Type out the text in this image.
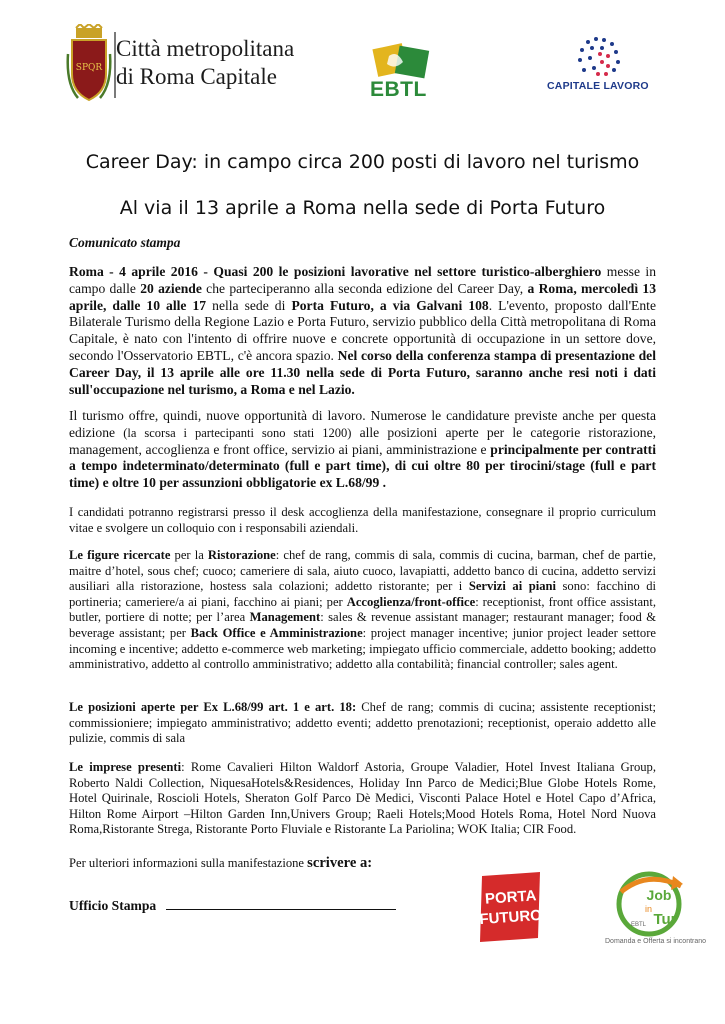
SPQR
Città metropolitana
di Roma Capitale
EBTL	CAPITALE LAVORO
Career Day: in campo circa 200 posti di lavoro nel turismo
Al via il 13 aprile a Roma nella sede di Porta Futuro
Comunicato stampa
Roma - 4 aprile 2016 - Quasi 200 le posizioni lavorative nel settore turistico-alberghiero messe in campo dalle 20 aziende che parteciperanno alla seconda edizione del Career Day, a Roma, mercoledì 13 aprile, dalle 10 alle 17 nella sede di Porta Futuro, a via Galvani 108. L'evento, proposto dall'Ente Bilaterale Turismo della Regione Lazio e Porta Futuro, servizio pubblico della Città metropolitana di Roma Capitale, è nato con l'intento di offrire nuove e concrete opportunità di occupazione in un settore dove, secondo l'Osservatorio EBTL, c'è ancora spazio. Nel corso della conferenza stampa di presentazione del Career Day, il 13 aprile alle ore 11.30 nella sede di Porta Futuro, saranno anche resi noti i dati sull'occupazione nel turismo, a Roma e nel Lazio.
Il turismo offre, quindi, nuove opportunità di lavoro. Numerose le candidature previste anche per questa edizione (la scorsa i partecipanti sono stati 1200) alle posizioni aperte per le categorie ristorazione, management, accoglienza e front office, servizio ai piani, amministrazione e principalmente per contratti a tempo indeterminato/determinato (full e part time), di cui oltre 80 per tirocini/stage (full e part time) e oltre 10 per assunzioni obbligatorie ex L.68/99 .
I candidati potranno registrarsi presso il desk accoglienza della manifestazione, consegnare il proprio curriculum vitae e svolgere un colloquio con i responsabili aziendali.
Le figure ricercate per la Ristorazione: chef de rang, commis di sala, commis di cucina, barman, chef de partie, maitre d’hotel, sous chef; cuoco; cameriere di sala, aiuto cuoco, lavapiatti, addetto banco di cucina, addetto servizi ausiliari alla ristorazione, hostess sala colazioni; addetto ristorante; per i Servizi ai piani sono: facchino di portineria; cameriere/a ai piani, facchino ai piani; per Accoglienza/front-office: receptionist, front office assistant, butler, portiere di notte; per l’area Management: sales & revenue assistant manager; restaurant manager; food & beverage assistant; per Back Office e Amministrazione: project manager incentive; junior project leader settore incoming e incentive; addetto e-commerce web marketing; impiegato ufficio commerciale, addetto booking; addetto amministrativo, addetto al controllo amministrativo; addetto alla contabilità; financial controller; sales agent.
Le posizioni aperte per Ex L.68/99 art. 1 e art. 18: Chef de rang; commis di cucina; assistente receptionist; commissioniere; impiegato amministrativo; addetto eventi; addetto prenotazioni; receptionist, operaio addetto alle pulizie, commis di sala
Le imprese presenti: Rome Cavalieri Hilton Waldorf Astoria, Groupe Valadier, Hotel Invest Italiana Group, Roberto Naldi Collection, NiquesaHotels&Residences, Holiday Inn Parco de Medici;Blue Globe Hotels Rome, Hotel Quirinale, Roscioli Hotels, Sheraton Golf Parco Dè Medici, Visconti Palace Hotel e Hotel Capo d’Africa, Hilton Rome Airport –Hilton Garden Inn,Univers Group; Raeli Hotels;Mood Hotels Roma, Hotel Nord Nuova Roma,Ristorante Strega, Ristorante Porto Fluviale e Ristorante La Pariolina; WOK Italia; CIR Food.
Per ulteriori informazioni sulla manifestazione scrivere a:
Ufficio Stampa	PORTA
FUTURO
Job
in
Tur
EBTL
Domanda e Offerta si incontrano
